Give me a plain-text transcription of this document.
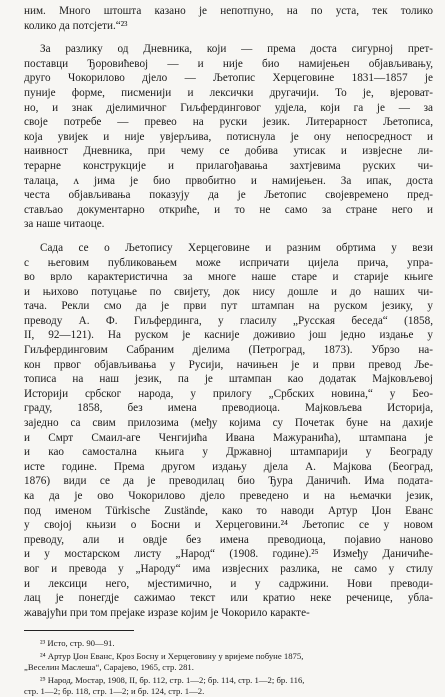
ним. Много штошта казано је непотпуно, на по уста, тек толико
колико да потсјети.“²³

За разлику од Дневника, који — према доста сигурној прет-
поставци Ђоровићевој — и није био намијењен објављивању,
друго Чокорилово дјело — Љетопис Херцеговине 1831—1857 је
пуније форме, писменији и лексички другачији. То је, вјероват-
но, и знак дјелимичног Гиљфердинговог удјела, који га је — за
своје потребе — превео на руски језик. Литерарност Љетописа,
која увијек и није увјерљива, потиснула је ону непосредност и
наивност Дневника, при чему се добива утисак и извјесне ли-
терарне конструкције и прилагођавања захтјевима руских чи-
талаца, ʌ јима је био првобитно и намијењен. За ипак, доста
честа објављивања показују да је Љетопис својевремено пред-
стављао документарно откриће, и то не само за стране него и
за наше читаоце.

Сада се о Љетопису Херцеговине и разним обртима у вези
с његовим публиковањем може испричати цијела прича, упра-
во врло карактеристична за многе наше старе и старије књиге
и њихово потуцање по свијету, док нису дошле и до наших чи-
тача. Рекли смо да је први пут штампан на руском језику, у
преводу А. Ф. Гиљфердинга, у гласилу „Русская беседа“ (1858,
II, 92—121). На руском је касније доживио још једно издање у
Гиљфердинговим Сабраним дјелима (Петроград, 1873). Убрзо на-
кон првог објављивања у Русији, начињен је и први превод Љe-
тописа на наш језик, па је штампан као додатак Мајковљевој
Историји србског народа, у прилогу „Србских новина,“ у Бео-
граду, 1858, без имена преводиоца. Мајковљева Историја,
заједно са свим прилозима (међу којима су Почетак буне на дахије
и Смрт Смаил-аге Ченгијића Ивана Мажуранића), штампана је
и као самостална књига у Државној штампарији у Београду
исте године. Према другом издању дјела А. Мајкова (Београд,
1876) види се да је преводилац био Ђура Даничић. Има подата-
ка да је ово Чокорилово дјело преведено и на њемачки језик,
под именом Türkische Zustände, како то наводи Артур Џон Еванс
у својој књизи о Босни и Херцеговини.²⁴ Љетопис се у новом
преводу, али и овдје без имена преводиоца, појавио наново
и у мостарском листу „Народ“ (1908. године).²⁵ Између Даничиће-
вог и превода у „Народу“ има извјесних разлика, не само у стилу
и лексици него, мјестимично, и у садржини. Нови преводи-
лац је понегдје сажимао текст или кратио неке реченице, ублa-
жавајући при том прејаке изразе којим је Чокорило каракте-

²³ Исто, стр. 90—91.

²⁴ Артур Џон Еванс, Кроз Босну и Херцеговину у вријеме побуне 1875,
„Веселин Маслеша“, Сарајево, 1965, стр. 281.

²⁵ Народ, Мостар, 1908, II, бр. 112, стр. 1—2; бр. 114, стр. 1—2; бр. 116,
стр. 1—2; бр. 118, стр. 1—2; и бр. 124, стр. 1—2.
